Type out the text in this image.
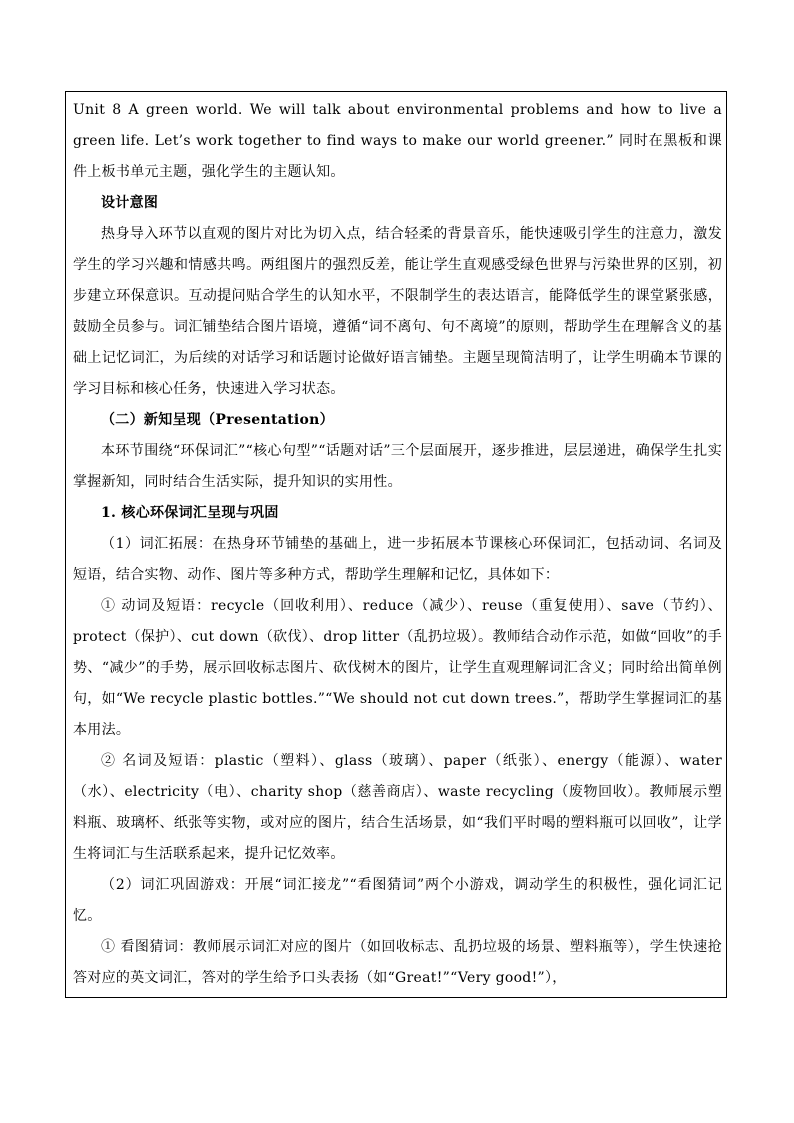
Unit 8 A green world. We will talk about environmental problems and how to live a green life. Let’s work together to find ways to make our world greener.” 同时在黑板和课件上板书单元主题，强化学生的主题认知。

设计意图

热身导入环节以直观的图片对比为切入点，结合轻柔的背景音乐，能快速吸引学生的注意力，激发学生的学习兴趣和情感共鸣。两组图片的强烈反差，能让学生直观感受绿色世界与污染世界的区别，初步建立环保意识。互动提问贴合学生的认知水平，不限制学生的表达语言，能降低学生的课堂紧张感，鼓励全员参与。词汇铺垫结合图片语境，遵循“词不离句、句不离境”的原则，帮助学生在理解含义的基础上记忆词汇，为后续的对话学习和话题讨论做好语言铺垫。主题呈现简洁明了，让学生明确本节课的学习目标和核心任务，快速进入学习状态。

（二）新知呈现（Presentation）

本环节围绕“环保词汇”“核心句型”“话题对话”三个层面展开，逐步推进，层层递进，确保学生扎实掌握新知，同时结合生活实际，提升知识的实用性。

1. 核心环保词汇呈现与巩固

（1）词汇拓展：在热身环节铺垫的基础上，进一步拓展本节课核心环保词汇，包括动词、名词及短语，结合实物、动作、图片等多种方式，帮助学生理解和记忆，具体如下：

① 动词及短语：recycle（回收利用）、reduce（减少）、reuse（重复使用）、save（节约）、protect（保护）、cut down（砍伐）、drop litter（乱扔垃圾）。教师结合动作示范，如做“回收”的手势、“减少”的手势，展示回收标志图片、砍伐树木的图片，让学生直观理解词汇含义；同时给出简单例句，如“We recycle plastic bottles.”“We should not cut down trees.”，帮助学生掌握词汇的基本用法。

② 名词及短语：plastic（塑料）、glass（玻璃）、paper（纸张）、energy（能源）、water（水）、electricity（电）、charity shop（慈善商店）、waste recycling（废物回收）。教师展示塑料瓶、玻璃杯、纸张等实物，或对应的图片，结合生活场景，如“我们平时喝的塑料瓶可以回收”，让学生将词汇与生活联系起来，提升记忆效率。

（2）词汇巩固游戏：开展“词汇接龙”“看图猜词”两个小游戏，调动学生的积极性，强化词汇记忆。

① 看图猜词：教师展示词汇对应的图片（如回收标志、乱扔垃圾的场景、塑料瓶等），学生快速抢答对应的英文词汇，答对的学生给予口头表扬（如“Great!”“Very good!”），
